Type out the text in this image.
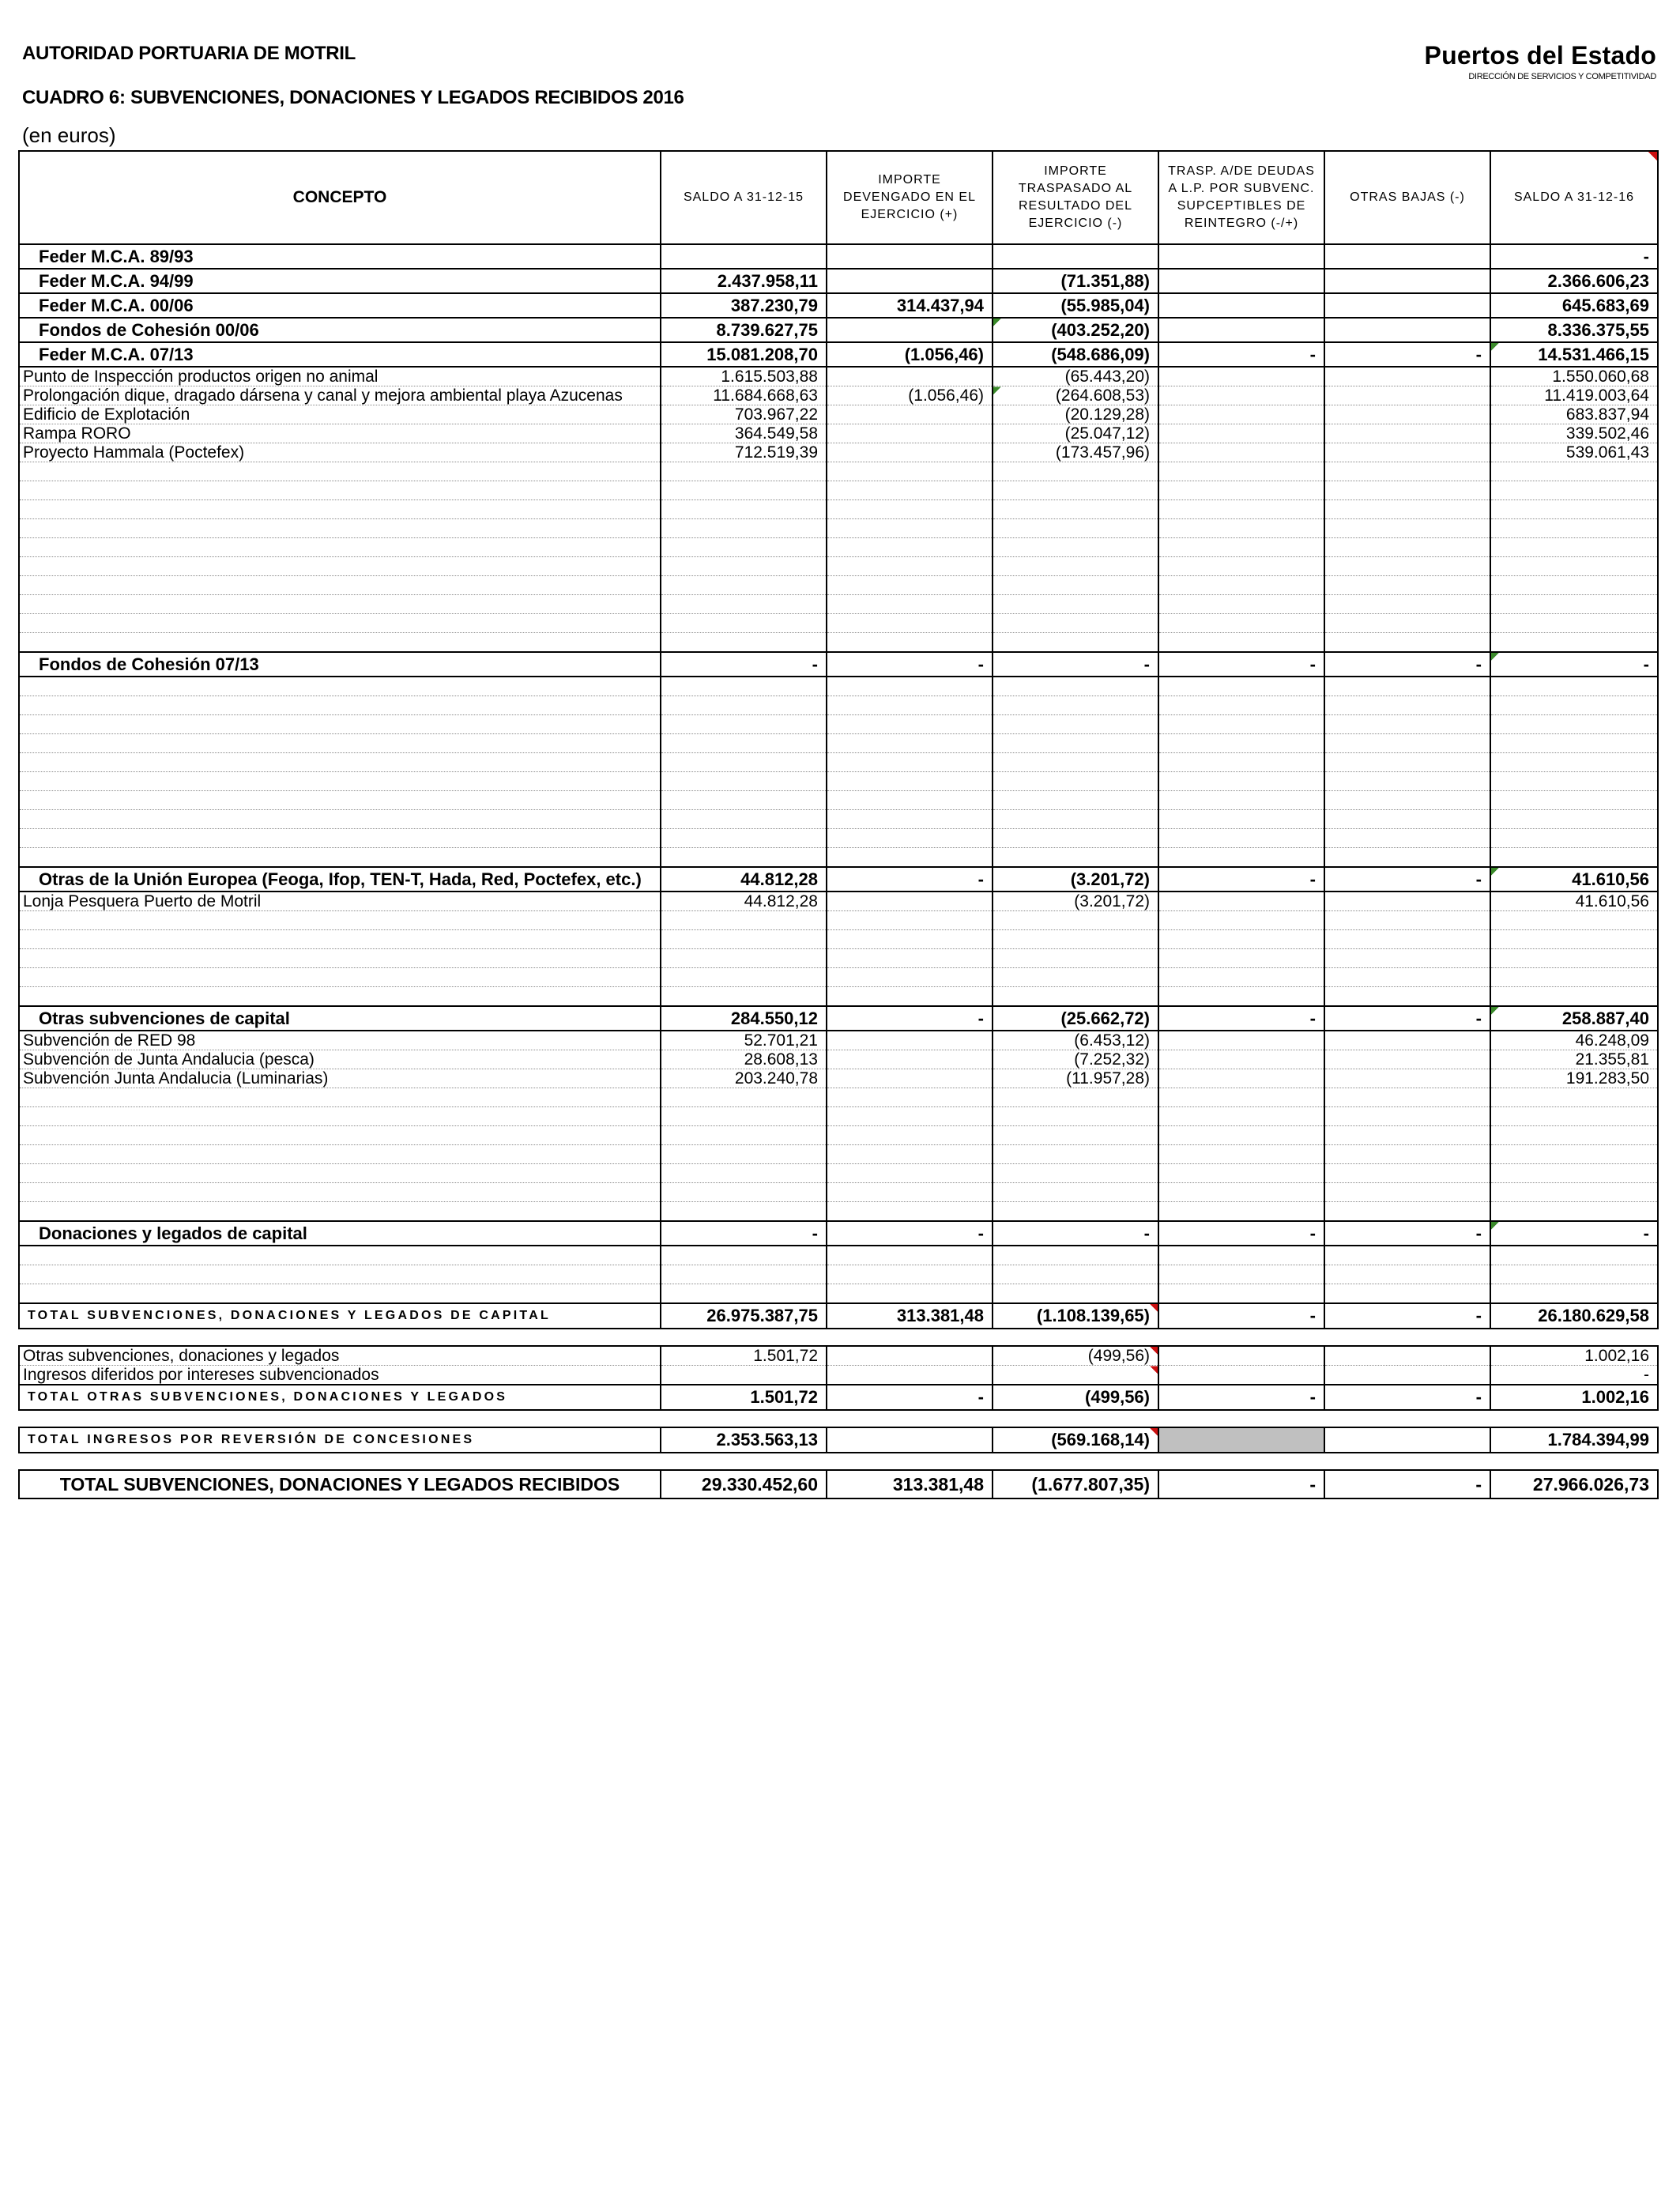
AUTORIDAD PORTUARIA DE MOTRIL
CUADRO 6: SUBVENCIONES, DONACIONES Y LEGADOS RECIBIDOS 2016
(en euros)
Puertos del Estado
DIRECCIÓN DE SERVICIOS Y COMPETITIVIDAD
CONCEPTO	SALDO A 31-12-15	IMPORTE DEVENGADO EN EL EJERCICIO (+)	IMPORTE TRASPASADO AL RESULTADO DEL EJERCICIO (-)	TRASP. A/DE DEUDAS A L.P. POR SUBVENC. SUPCEPTIBLES DE REINTEGRO (-/+)	OTRAS BAJAS (-)	SALDO A 31-12-16
Feder M.C.A. 89/93						-
Feder M.C.A. 94/99	2.437.958,11		(71.351,88)			2.366.606,23
Feder M.C.A. 00/06	387.230,79	314.437,94	(55.985,04)			645.683,69
Fondos de Cohesión 00/06	8.739.627,75		(403.252,20)			8.336.375,55
Feder M.C.A. 07/13	15.081.208,70	(1.056,46)	(548.686,09)	-	-	14.531.466,15
Punto de Inspección productos origen no animal	1.615.503,88		(65.443,20)			1.550.060,68
Prolongación dique, dragado dársena y canal y mejora ambiental playa Azucenas	11.684.668,63	(1.056,46)	(264.608,53)			11.419.003,64
Edificio de Explotación	703.967,22		(20.129,28)			683.837,94
Rampa RORO	364.549,58		(25.047,12)			339.502,46
Proyecto Hammala (Poctefex)	712.519,39		(173.457,96)			539.061,43

Fondos de Cohesión 07/13	-	-	-	-	-	-

Otras de la Unión Europea (Feoga, Ifop, TEN-T, Hada, Red, Poctefex, etc.)	44.812,28	-	(3.201,72)	-	-	41.610,56
Lonja Pesquera Puerto de Motril	44.812,28		(3.201,72)			41.610,56

Otras subvenciones de capital	284.550,12	-	(25.662,72)	-	-	258.887,40
Subvención de RED 98	52.701,21		(6.453,12)			46.248,09
Subvención de Junta Andalucia (pesca)	28.608,13		(7.252,32)			21.355,81
Subvención Junta Andalucia (Luminarias)	203.240,78		(11.957,28)			191.283,50

Donaciones y legados de capital	-	-	-	-	-	-

TOTAL SUBVENCIONES, DONACIONES Y LEGADOS DE CAPITAL	26.975.387,75	313.381,48	(1.108.139,65)	-	-	26.180.629,58

Otras subvenciones, donaciones y legados	1.501,72		(499,56)			1.002,16
Ingresos diferidos por intereses subvencionados						-
TOTAL OTRAS SUBVENCIONES, DONACIONES Y LEGADOS	1.501,72	-	(499,56)	-	-	1.002,16

TOTAL INGRESOS POR REVERSIÓN DE CONCESIONES	2.353.563,13		(569.168,14)			1.784.394,99

TOTAL SUBVENCIONES, DONACIONES Y LEGADOS RECIBIDOS	29.330.452,60	313.381,48	(1.677.807,35)	-	-	27.966.026,73
